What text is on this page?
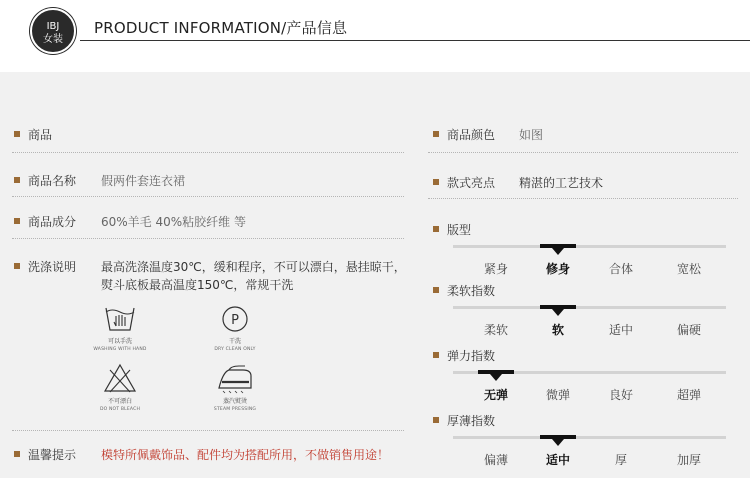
IBJ
女装
PRODUCT INFORMATION/产品信息
商品
商品名称 假两件套连衣裙
商品成分 60%羊毛 40%粘胶纤维 等
洗涤说明 最高洗涤温度30℃，缓和程序，不可以漂白，悬挂晾干，
熨斗底板最高温度150℃，常规干洗
可以手洗
WASHING WITH HAND
P
干洗
DRY CLEAN ONLY
不可漂白
DO NOT BLEACH
蒸汽熨烫
STEAM PRESSING
温馨提示 模特所佩戴饰品、配件均为搭配所用，不做销售用途！
商品颜色 如图
款式亮点 精湛的工艺技术
版型
紧身	修身	合体	宽松
柔软指数
柔软	软	适中	偏硬
弹力指数
无弹	微弹	良好	超弹
厚薄指数
偏薄	适中	厚	加厚
